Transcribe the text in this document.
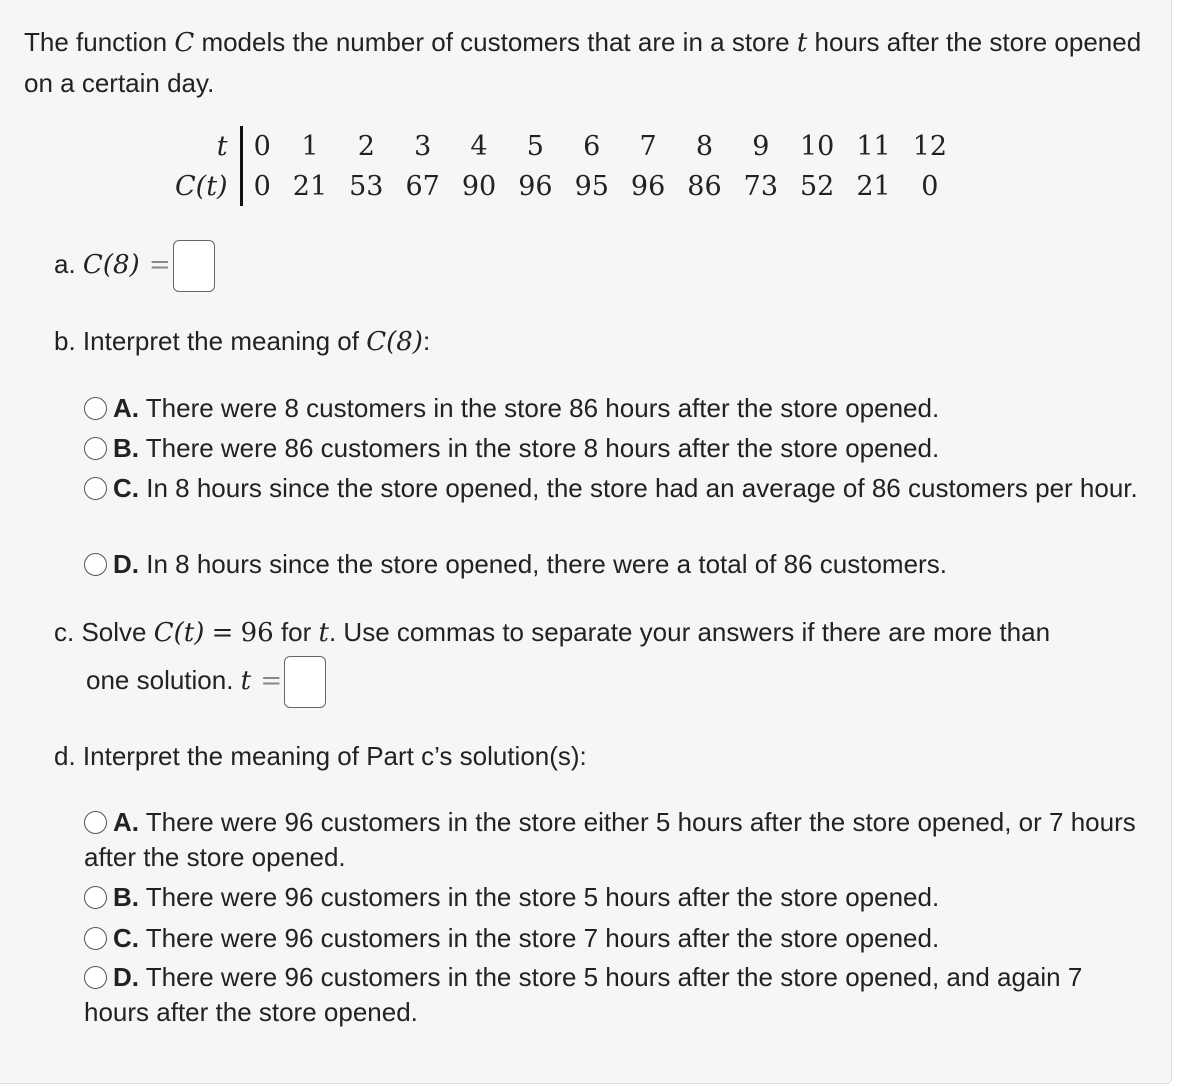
The function C models the number of customers that are in a store t hours after the store opened on a certain day.
t	0	1	2	3	4	5	6	7	8	9	10	11	12
C(t)	0	21	53	67	90	96	95	96	86	73	52	21	0
a. C(8) =
b. Interpret the meaning of C(8):
A. There were 8 customers in the store 86 hours after the store opened.
B. There were 86 customers in the store 8 hours after the store opened.
C. In 8 hours since the store opened, the store had an average of 86 customers per hour.
D. In 8 hours since the store opened, there were a total of 86 customers.
c. Solve C(t) = 96 for t. Use commas to separate your answers if there are more than
one solution. t =
d. Interpret the meaning of Part c’s solution(s):
A. There were 96 customers in the store either 5 hours after the store opened, or 7 hours after the store opened.
B. There were 96 customers in the store 5 hours after the store opened.
C. There were 96 customers in the store 7 hours after the store opened.
D. There were 96 customers in the store 5 hours after the store opened, and again 7 hours after the store opened.
